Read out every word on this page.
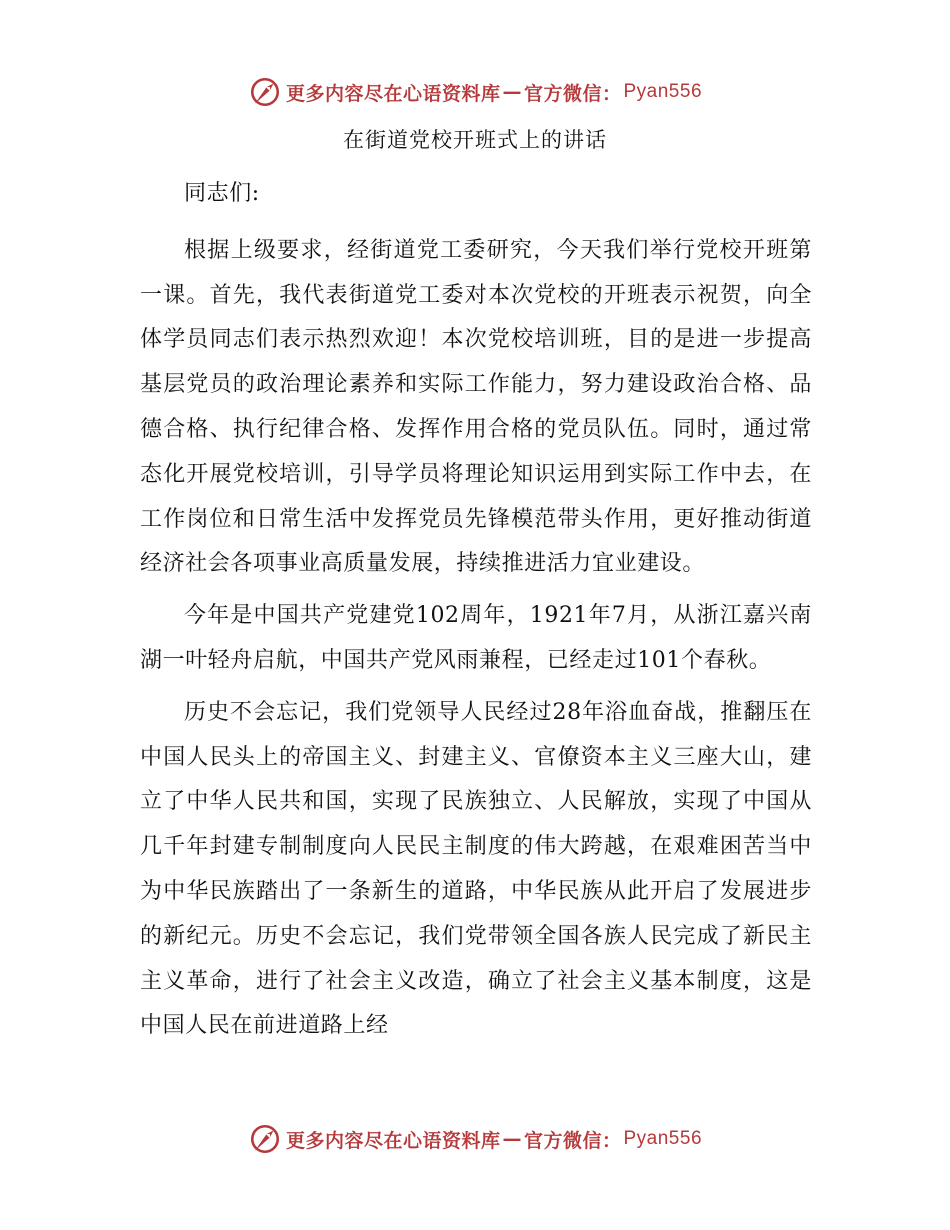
更多内容尽在心语资料库 — 官方微信： Pyan556
在街道党校开班式上的讲话

同志们:

根据上级要求，经街道党工委研究，今天我们举行党校开班第一课。首先，我代表街道党工委对本次党校的开班表示祝贺，向全体学员同志们表示热烈欢迎！本次党校培训班，目的是进一步提高基层党员的政治理论素养和实际工作能力，努力建设政治合格、品德合格、执行纪律合格、发挥作用合格的党员队伍。同时，通过常态化开展党校培训，引导学员将理论知识运用到实际工作中去，在工作岗位和日常生活中发挥党员先锋模范带头作用，更好推动街道经济社会各项事业高质量发展，持续推进活力宜业建设。

今年是中国共产党建党102周年，1921年7月，从浙江嘉兴南湖一叶轻舟启航，中国共产党风雨兼程，已经走过101个春秋。

历史不会忘记，我们党领导人民经过28年浴血奋战，推翻压在中国人民头上的帝国主义、封建主义、官僚资本主义三座大山，建立了中华人民共和国，实现了民族独立、人民解放，实现了中国从几千年封建专制制度向人民民主制度的伟大跨越，在艰难困苦当中为中华民族踏出了一条新生的道路，中华民族从此开启了发展进步的新纪元。历史不会忘记，我们党带领全国各族人民完成了新民主主义革命，进行了社会主义改造，确立了社会主义基本制度，这是中国人民在前进道路上经

更多内容尽在心语资料库 — 官方微信： Pyan556
